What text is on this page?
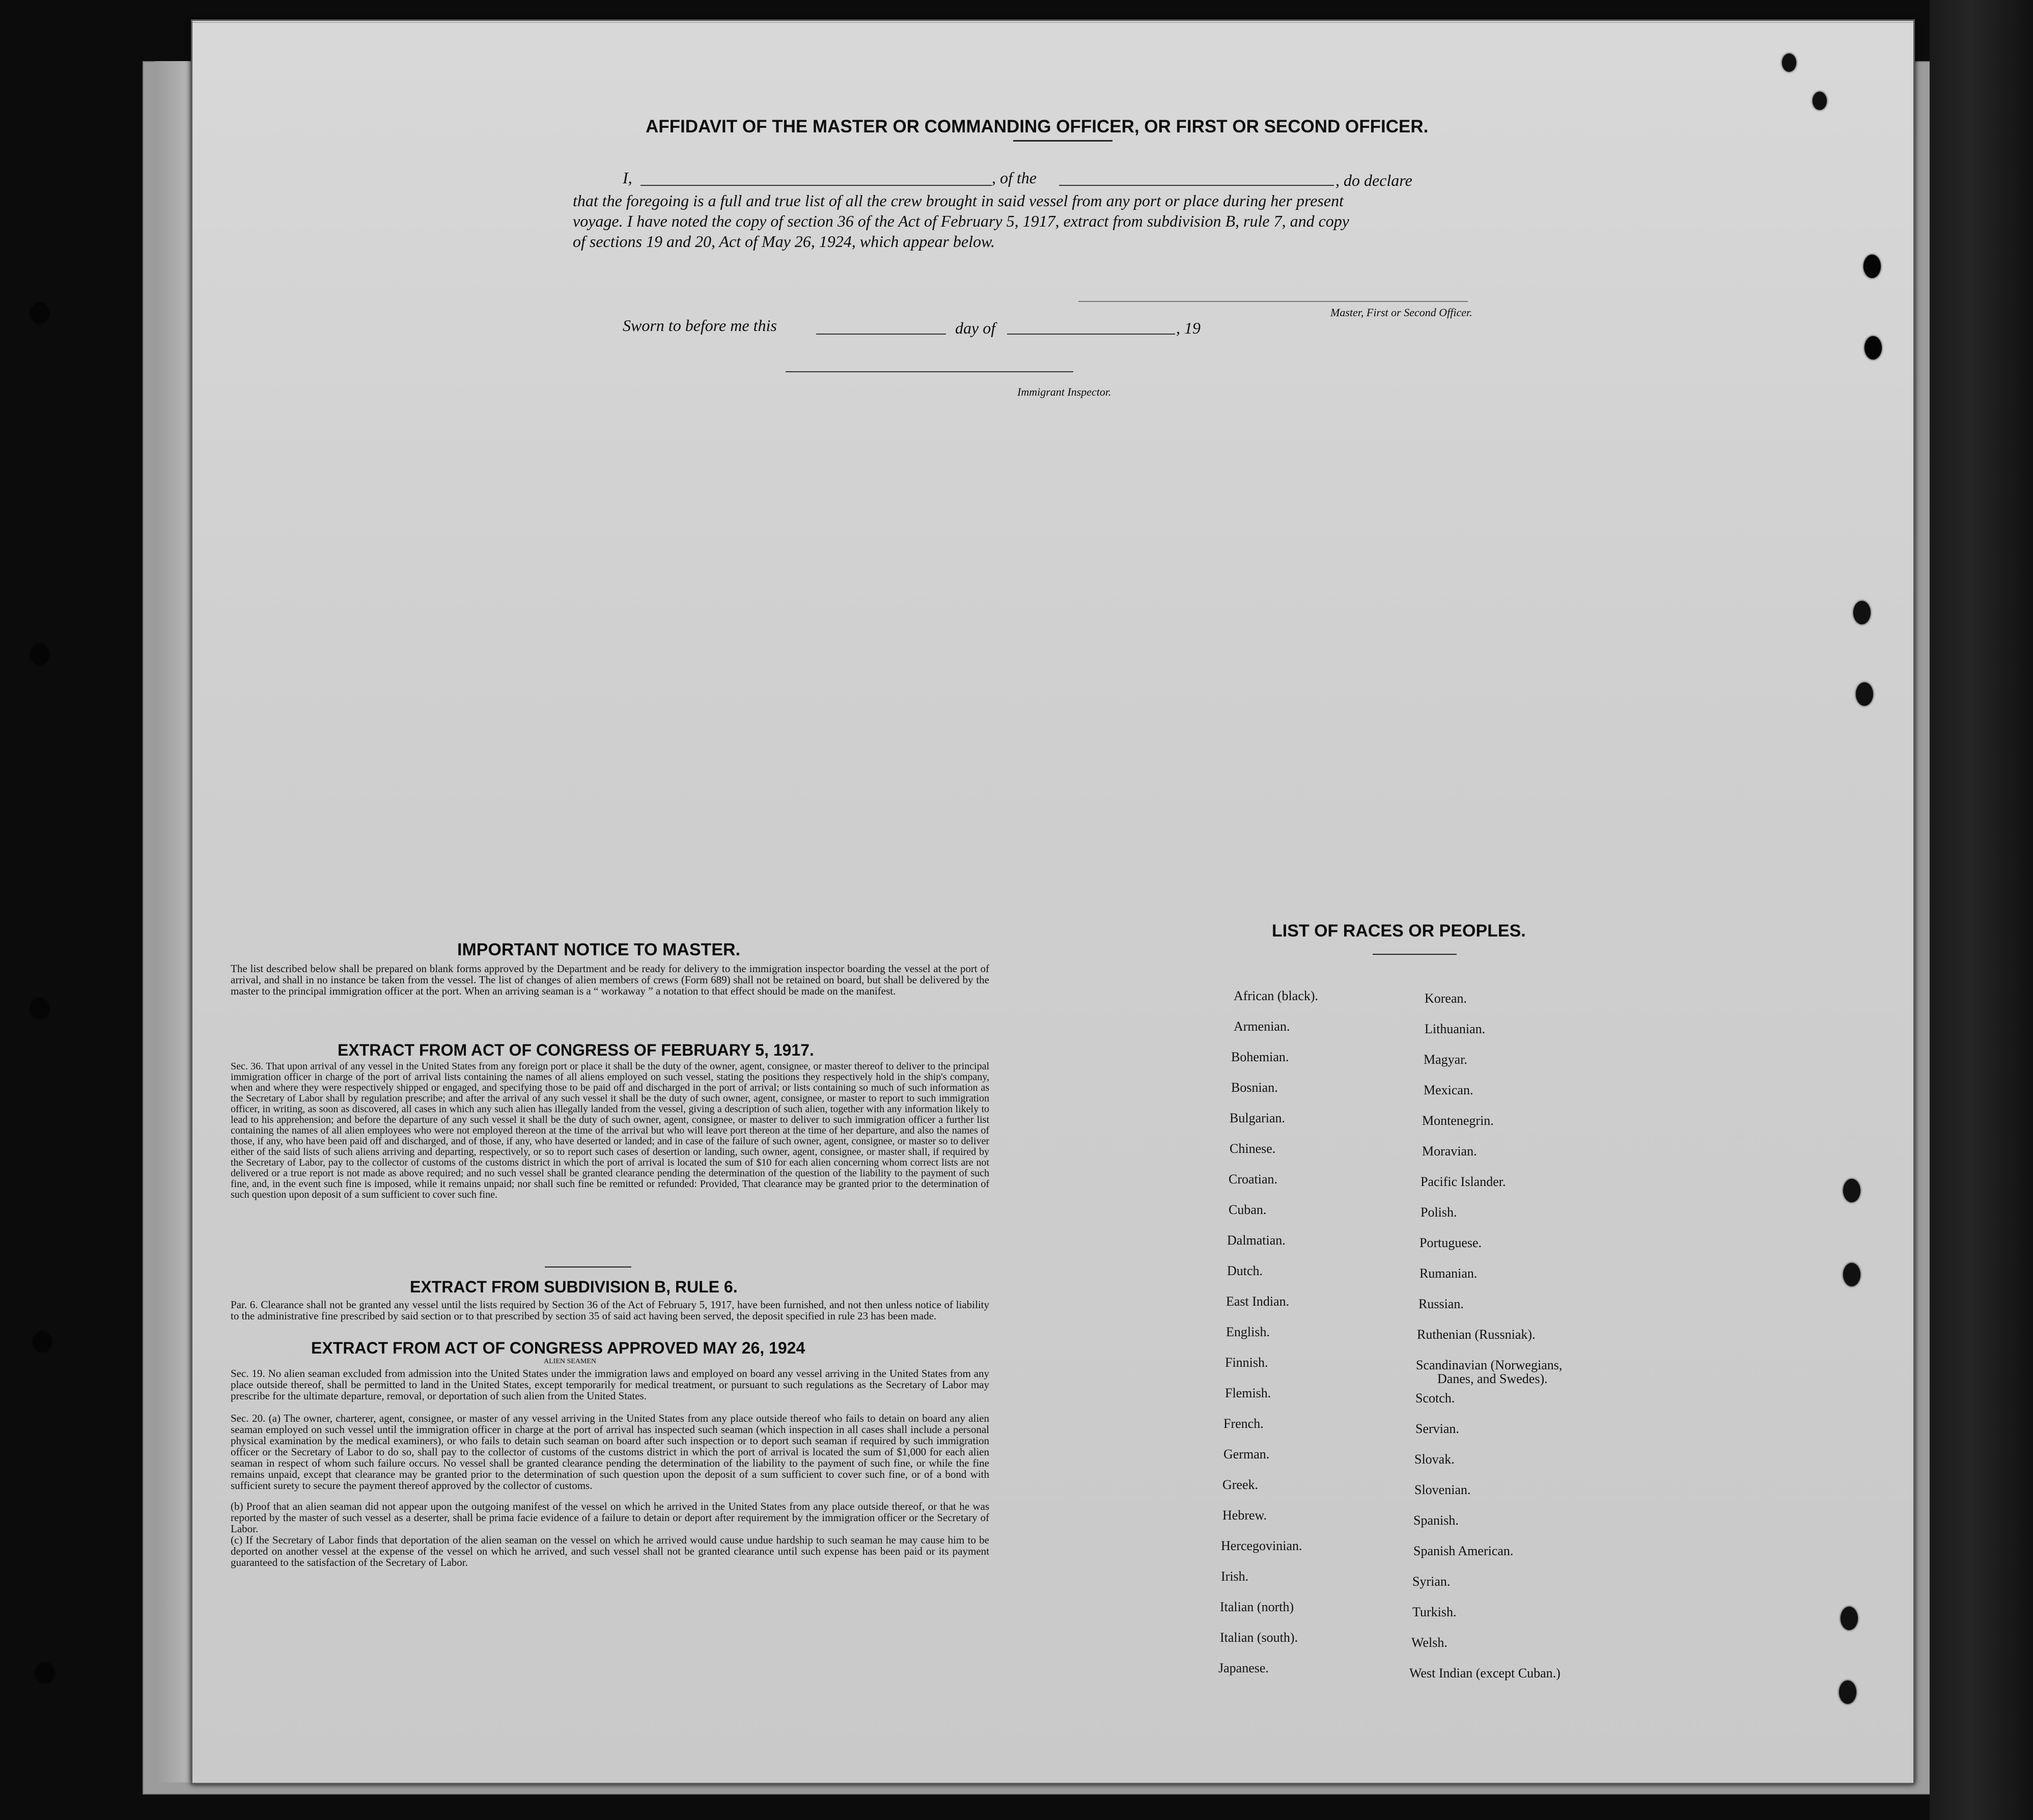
AFFIDAVIT OF THE MASTER OR COMMANDING OFFICER, OR FIRST OR SECOND OFFICER.
I,	, of the	, do declare
that the foregoing is a full and true list of all the crew brought in said vessel from any port or place during her present
voyage. I have noted the copy of section 36 of the Act of February 5, 1917, extract from subdivision B, rule 7, and copy
of sections 19 and 20, Act of May 26, 1924, which appear below.
Master, First or Second Officer.
Sworn to before me this	day of	, 19
Immigrant Inspector.
IMPORTANT NOTICE TO MASTER.
The list described below shall be prepared on blank forms approved by the Department and be ready for delivery to the immigration inspector boarding the vessel at the port of arrival, and shall in no instance be taken from the vessel. The list of changes of alien members of crews (Form 689) shall not be retained on board, but shall be delivered by the master to the principal immigration officer at the port. When an arriving seaman is a “ workaway ” a notation to that effect should be made on the manifest.
EXTRACT FROM ACT OF CONGRESS OF FEBRUARY 5, 1917.
Sec. 36. That upon arrival of any vessel in the United States from any foreign port or place it shall be the duty of the owner, agent, consignee, or master thereof to deliver to the principal immigration officer in charge of the port of arrival lists containing the names of all aliens employed on such vessel, stating the positions they respectively hold in the ship's company, when and where they were respectively shipped or engaged, and specifying those to be paid off and discharged in the port of arrival; or lists containing so much of such information as the Secretary of Labor shall by regulation prescribe; and after the arrival of any such vessel it shall be the duty of such owner, agent, consignee, or master to report to such immigration officer, in writing, as soon as discovered, all cases in which any such alien has illegally landed from the vessel, giving a description of such alien, together with any information likely to lead to his apprehension; and before the departure of any such vessel it shall be the duty of such owner, agent, consignee, or master to deliver to such immigration officer a further list containing the names of all alien employees who were not employed thereon at the time of the arrival but who will leave port thereon at the time of her departure, and also the names of those, if any, who have been paid off and discharged, and of those, if any, who have deserted or landed; and in case of the failure of such owner, agent, consignee, or master so to deliver either of the said lists of such aliens arriving and departing, respectively, or so to report such cases of desertion or landing, such owner, agent, consignee, or master shall, if required by the Secretary of Labor, pay to the collector of customs of the customs district in which the port of arrival is located the sum of $10 for each alien concerning whom correct lists are not delivered or a true report is not made as above required; and no such vessel shall be granted clearance pending the determination of the question of the liability to the payment of such fine, and, in the event such fine is imposed, while it remains unpaid; nor shall such fine be remitted or refunded: Provided, That clearance may be granted prior to the determination of such question upon deposit of a sum sufficient to cover such fine.
EXTRACT FROM SUBDIVISION B, RULE 6.
Par. 6. Clearance shall not be granted any vessel until the lists required by Section 36 of the Act of February 5, 1917, have been furnished, and not then unless notice of liability to the administrative fine prescribed by said section or to that prescribed by section 35 of said act having been served, the deposit specified in rule 23 has been made.
EXTRACT FROM ACT OF CONGRESS APPROVED MAY 26, 1924
ALIEN SEAMEN
Sec. 19. No alien seaman excluded from admission into the United States under the immigration laws and employed on board any vessel arriving in the United States from any place outside thereof, shall be permitted to land in the United States, except temporarily for medical treatment, or pursuant to such regulations as the Secretary of Labor may prescribe for the ultimate departure, removal, or deportation of such alien from the United States.
Sec. 20. (a) The owner, charterer, agent, consignee, or master of any vessel arriving in the United States from any place outside thereof who fails to detain on board any alien seaman employed on such vessel until the immigration officer in charge at the port of arrival has inspected such seaman (which inspection in all cases shall include a personal physical examination by the medical examiners), or who fails to detain such seaman on board after such inspection or to deport such seaman if required by such immigration officer or the Secretary of Labor to do so, shall pay to the collector of customs of the customs district in which the port of arrival is located the sum of $1,000 for each alien seaman in respect of whom such failure occurs. No vessel shall be granted clearance pending the determination of the liability to the payment of such fine, or while the fine remains unpaid, except that clearance may be granted prior to the determination of such question upon the deposit of a sum sufficient to cover such fine, or of a bond with sufficient surety to secure the payment thereof approved by the collector of customs.
(b) Proof that an alien seaman did not appear upon the outgoing manifest of the vessel on which he arrived in the United States from any place outside thereof, or that he was reported by the master of such vessel as a deserter, shall be prima facie evidence of a failure to detain or deport after requirement by the immigration officer or the Secretary of Labor.
(c) If the Secretary of Labor finds that deportation of the alien seaman on the vessel on which he arrived would cause undue hardship to such seaman he may cause him to be deported on another vessel at the expense of the vessel on which he arrived, and such vessel shall not be granted clearance until such expense has been paid or its payment guaranteed to the satisfaction of the Secretary of Labor.
LIST OF RACES OR PEOPLES.
African (black).
Armenian.
Bohemian.
Bosnian.
Bulgarian.
Chinese.
Croatian.
Cuban.
Dalmatian.
Dutch.
East Indian.
English.
Finnish.
Flemish.
French.
German.
Greek.
Hebrew.
Hercegovinian.
Irish.
Italian (north)
Italian (south).
Japanese.
Korean.
Lithuanian.
Magyar.
Mexican.
Montenegrin.
Moravian.
Pacific Islander.
Polish.
Portuguese.
Rumanian.
Russian.
Ruthenian (Russniak).
Scandinavian (Norwegians,
Danes, and Swedes).
Scotch.
Servian.
Slovak.
Slovenian.
Spanish.
Spanish American.
Syrian.
Turkish.
Welsh.
West Indian (except Cuban.)
